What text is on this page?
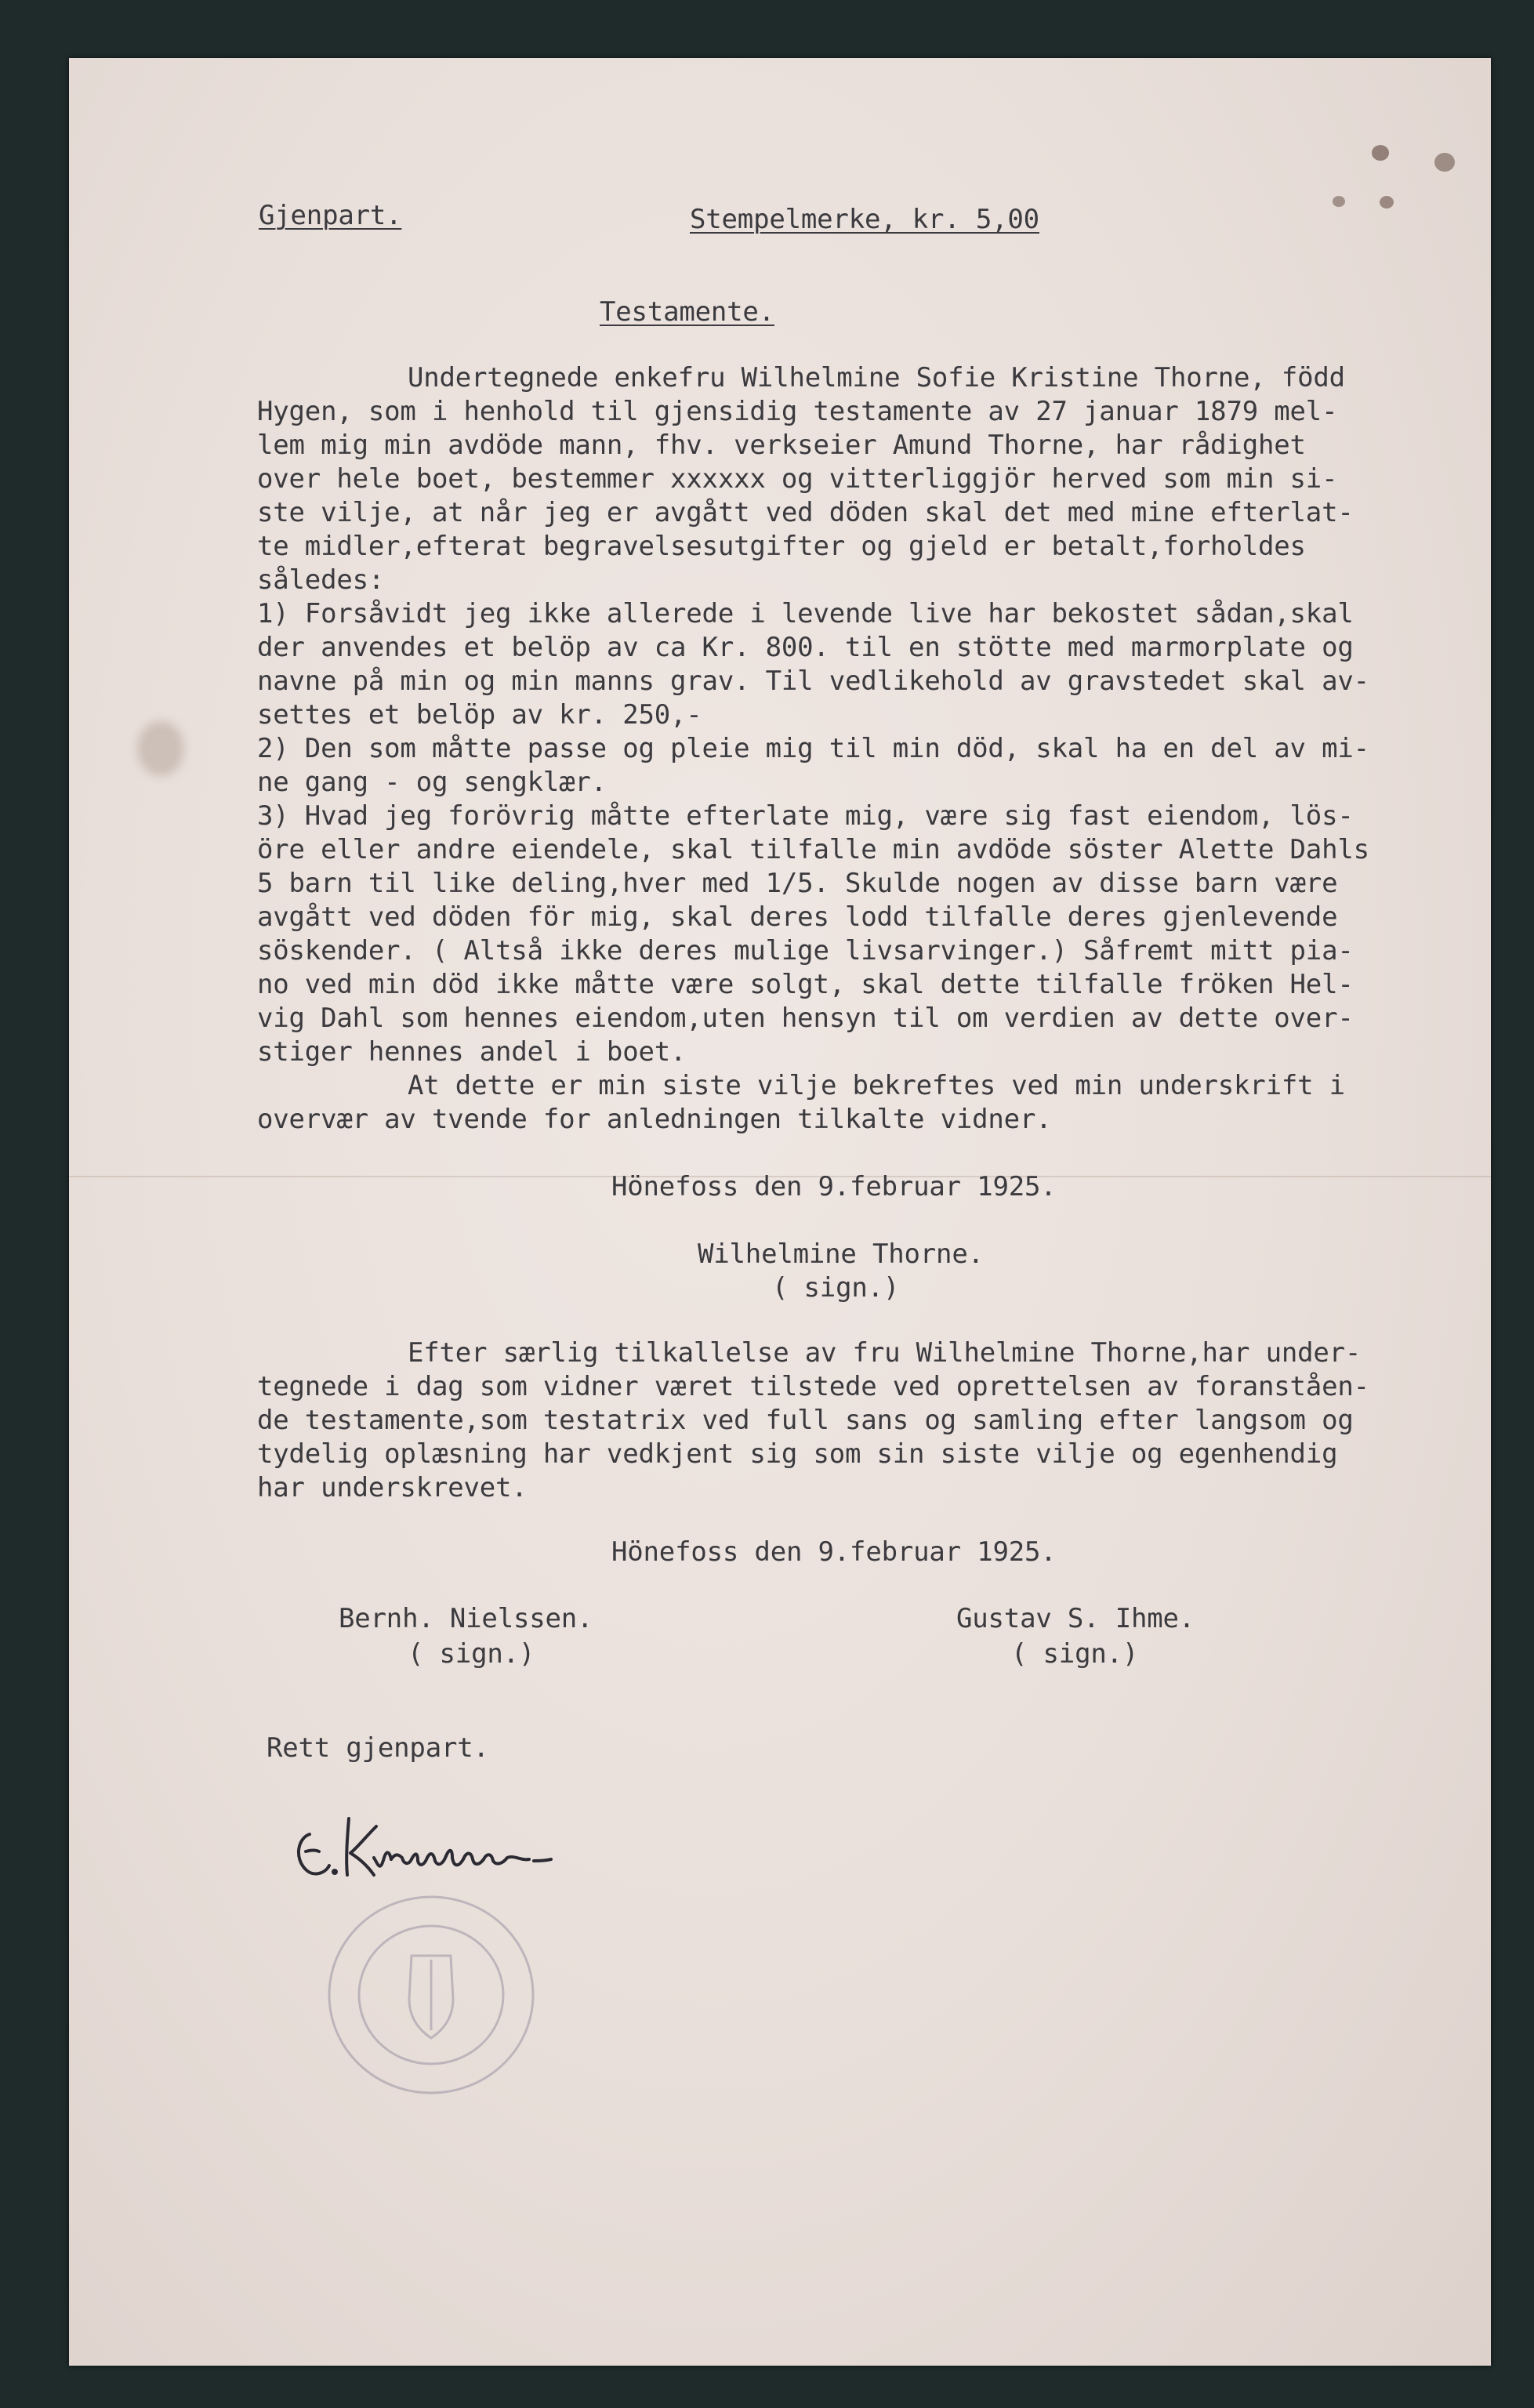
Gjenpart.	Stempelmerke, kr. 5,00
Testamente.
Undertegnede enkefru Wilhelmine Sofie Kristine Thorne, född
Hygen, som i henhold til gjensidig testamente av 27 januar 1879 mel-
lem mig min avdöde mann, fhv. verkseier Amund Thorne, har rådighet
over hele boet, bestemmer xxxxxx og vitterliggjör herved som min si-
ste vilje, at når jeg er avgått ved döden skal det med mine efterlat-
te midler,efterat begravelsesutgifter og gjeld er betalt,forholdes
således:
1) Forsåvidt jeg ikke allerede i levende live har bekostet sådan,skal
der anvendes et belöp av ca Kr. 800. til en stötte med marmorplate og
navne på min og min manns grav. Til vedlikehold av gravstedet skal av-
settes et belöp av kr. 250,-
2) Den som måtte passe og pleie mig til min död, skal ha en del av mi-
ne gang - og sengklær.
3) Hvad jeg forövrig måtte efterlate mig, være sig fast eiendom, lös-
öre eller andre eiendele, skal tilfalle min avdöde söster Alette Dahls
5 barn til like deling,hver med 1/5. Skulde nogen av disse barn være
avgått ved döden för mig, skal deres lodd tilfalle deres gjenlevende
söskender. ( Altså ikke deres mulige livsarvinger.) Såfremt mitt pia-
no ved min död ikke måtte være solgt, skal dette tilfalle fröken Hel-
vig Dahl som hennes eiendom,uten hensyn til om verdien av dette over-
stiger hennes andel i boet.
At dette er min siste vilje bekreftes ved min underskrift i
overvær av tvende for anledningen tilkalte vidner.
Hönefoss den 9.februar 1925.
Wilhelmine Thorne.
( sign.)
Efter særlig tilkallelse av fru Wilhelmine Thorne,har under-
tegnede i dag som vidner været tilstede ved oprettelsen av foranståen-
de testamente,som testatrix ved full sans og samling efter langsom og
tydelig oplæsning har vedkjent sig som sin siste vilje og egenhendig
har underskrevet.
Hönefoss den 9.februar 1925.
Bernh. Nielssen.
( sign.)
Gustav S. Ihme.
( sign.)
Rett gjenpart.
